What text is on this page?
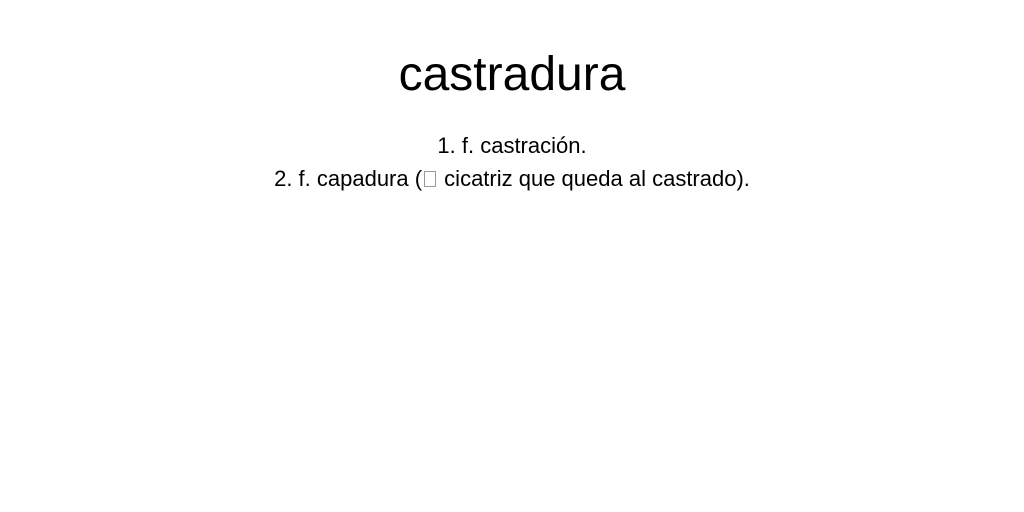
castradura
1. f. castración.
2. f. capadura ( cicatriz que queda al castrado).
